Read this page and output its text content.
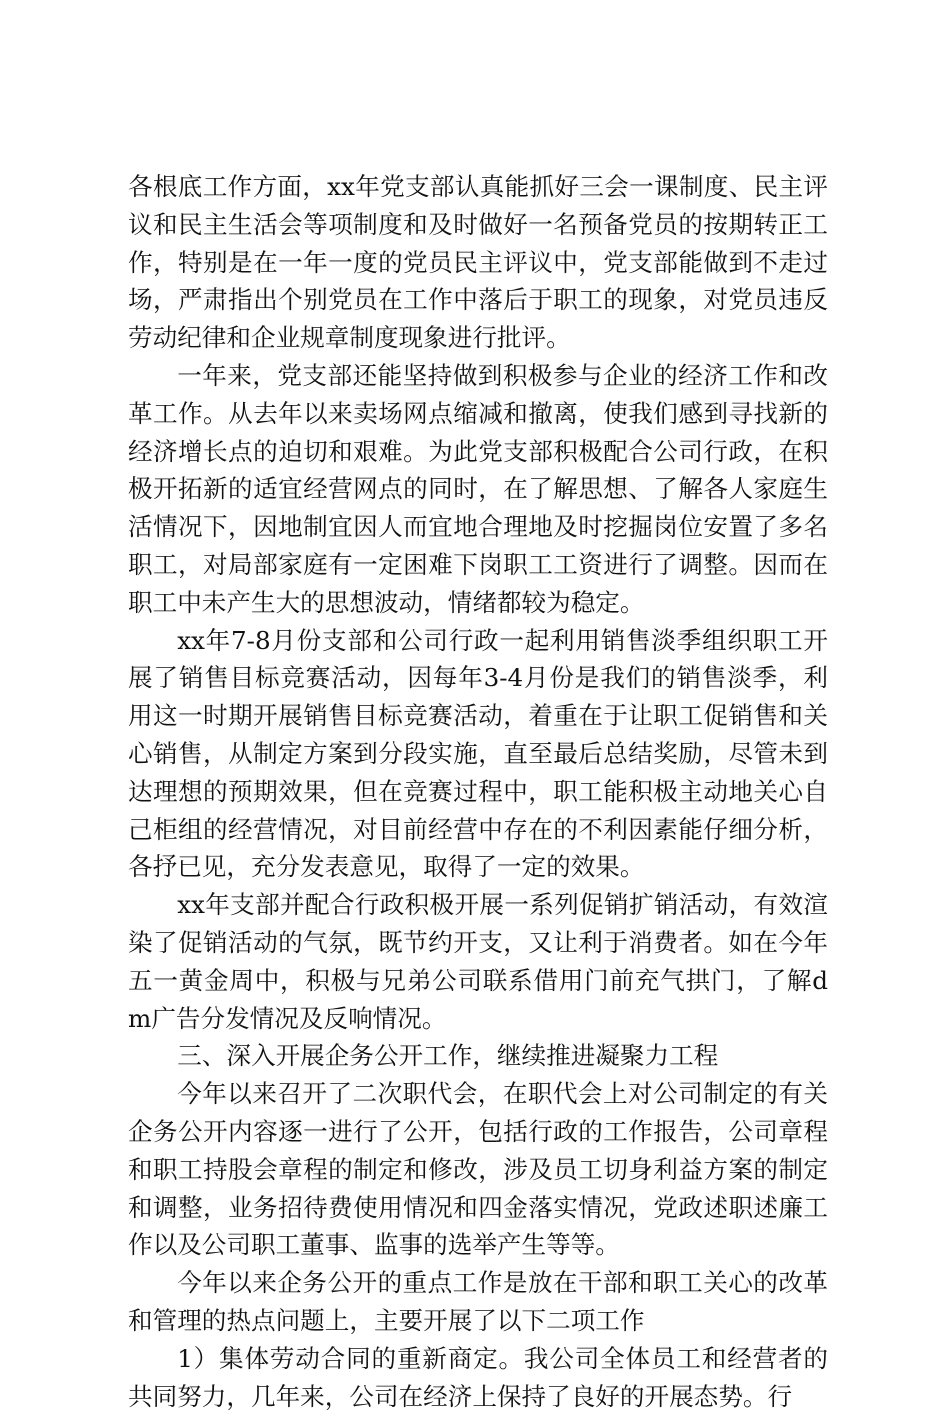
各根底工作方面，xx年党支部认真能抓好三会一课制度、民主评议和民主生活会等项制度和及时做好一名预备党员的按期转正工作，特别是在一年一度的党员民主评议中，党支部能做到不走过场，严肃指出个别党员在工作中落后于职工的现象，对党员违反劳动纪律和企业规章制度现象进行批评。

一年来，党支部还能坚持做到积极参与企业的经济工作和改革工作。从去年以来卖场网点缩减和撤离，使我们感到寻找新的经济增长点的迫切和艰难。为此党支部积极配合公司行政，在积极开拓新的适宜经营网点的同时，在了解思想、了解各人家庭生活情况下，因地制宜因人而宜地合理地及时挖掘岗位安置了多名职工，对局部家庭有一定困难下岗职工工资进行了调整。因而在职工中未产生大的思想波动，情绪都较为稳定。

xx年7-8月份支部和公司行政一起利用销售淡季组织职工开展了销售目标竞赛活动，因每年3-4月份是我们的销售淡季，利用这一时期开展销售目标竞赛活动，着重在于让职工促销售和关心销售，从制定方案到分段实施，直至最后总结奖励，尽管未到达理想的预期效果，但在竞赛过程中，职工能积极主动地关心自己柜组的经营情况，对目前经营中存在的不利因素能仔细分析，各抒已见，充分发表意见，取得了一定的效果。

xx年支部并配合行政积极开展一系列促销扩销活动，有效渲染了促销活动的气氛，既节约开支，又让利于消费者。如在今年五一黄金周中，积极与兄弟公司联系借用门前充气拱门，了解dm广告分发情况及反响情况。

三、深入开展企务公开工作，继续推进凝聚力工程

今年以来召开了二次职代会，在职代会上对公司制定的有关企务公开内容逐一进行了公开，包括行政的工作报告，公司章程和职工持股会章程的制定和修改，涉及员工切身利益方案的制定和调整，业务招待费使用情况和四金落实情况，党政述职述廉工作以及公司职工董事、监事的选举产生等等。

今年以来企务公开的重点工作是放在干部和职工关心的改革和管理的热点问题上，主要开展了以下二项工作

1）集体劳动合同的重新商定。我公司全体员工和经营者的共同努力，几年来，公司在经济上保持了良好的开展态势。行
